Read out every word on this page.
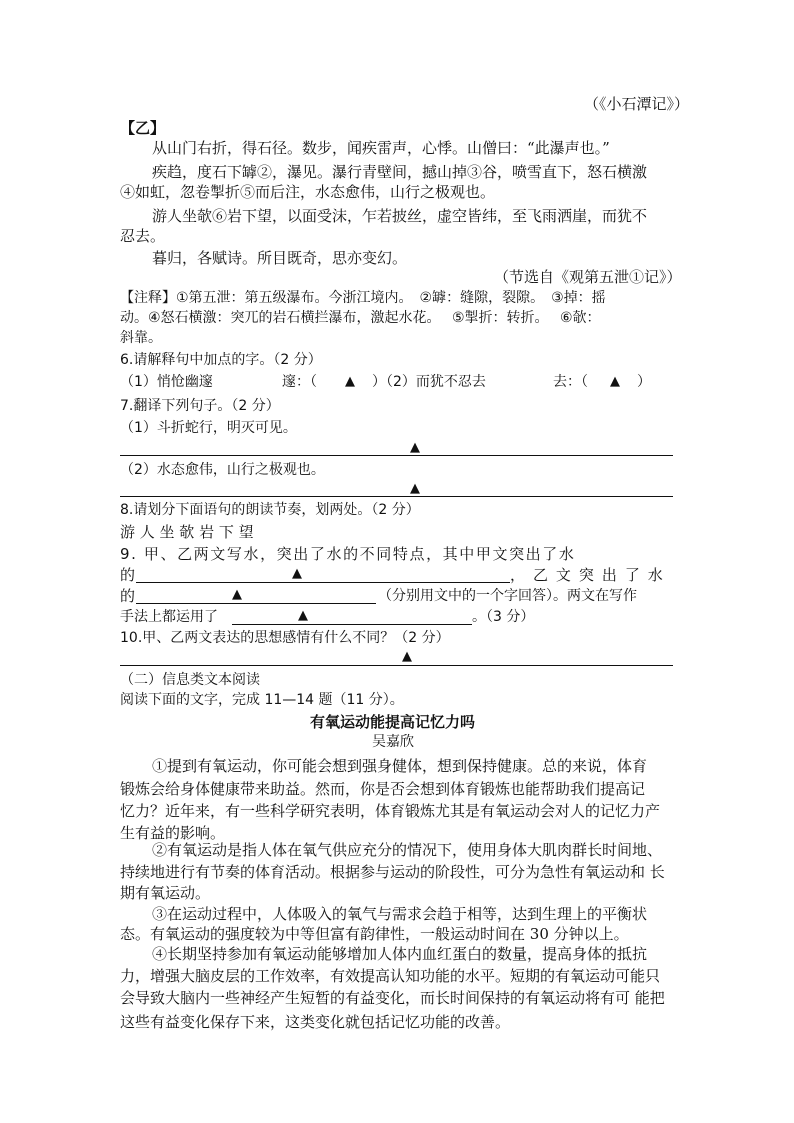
（《小石潭记》）
【乙】
从山门右折，得石径。数步，闻疾雷声，心悸。山僧曰：“此瀑声也。”
疾趋，度石下罅②，瀑见。瀑行青壁间，撼山掉③谷，喷雪直下，怒石横激
④如虹，忽卷掣折⑤而后注，水态愈伟，山行之极观也。
游人坐欹⑥岩下望，以面受沫，乍若披丝，虚空皆纬，至飞雨洒崖，而犹不
忍去。
暮归，各赋诗。所目既奇，思亦变幻。
（节选自《观第五泄①记》）
【注释】①第五泄：第五级瀑布。今浙江境内。　②罅：缝隙，裂隙。　③掉：摇
动。④怒石横激：突兀的岩石横拦瀑布，激起水花。　 ⑤掣折：转折。　 ⑥欹：
斜靠。
6.请解释句中加点的字。（2 分）
（1）悄怆幽邃	邃：（ ▲ ）（2）而犹不忍去	去：（ ▲ ）
7.翻译下列句子。（2 分）
（1）斗折蛇行，明灭可见。
▲
（2）水态愈伟，山行之极观也。
▲
8.请划分下面语句的朗读节奏，划两处。（2 分）
游 人 坐 欹 岩 下 望
9. 甲、乙两文写水，突出了水的不同特点，其中甲文突出了水
的	▲	， 乙 文 突 出 了 水
的	▲	（分别用文中的一个字回答）。两文在写作
手法上都运用了	▲	。（3 分）
10.甲、乙两文表达的思想感情有什么不同？（2 分）
▲
（二）信息类文本阅读
阅读下面的文字，完成 11—14 题（11 分）。
有氧运动能提高记忆力吗
吴嘉欣
①提到有氧运动，你可能会想到强身健体，想到保持健康。总的来说，体育
锻炼会给身体健康带来助益。然而，你是否会想到体育锻炼也能帮助我们提高记
忆力？近年来，有一些科学研究表明，体育锻炼尤其是有氧运动会对人的记忆力产
生有益的影响。
②有氧运动是指人体在氧气供应充分的情况下，使用身体大肌肉群长时间地、
持续地进行有节奏的体育活动。根据参与运动的阶段性，可分为急性有氧运动和 长
期有氧运动。
③在运动过程中，人体吸入的氧气与需求会趋于相等，达到生理上的平衡状
态。有氧运动的强度较为中等但富有韵律性，一般运动时间在 30 分钟以上。
④长期坚持参加有氧运动能够增加人体内血红蛋白的数量，提高身体的抵抗
力，增强大脑皮层的工作效率，有效提高认知功能的水平。短期的有氧运动可能只
会导致大脑内一些神经产生短暂的有益变化，而长时间保持的有氧运动将有可 能把
这些有益变化保存下来，这类变化就包括记忆功能的改善。
